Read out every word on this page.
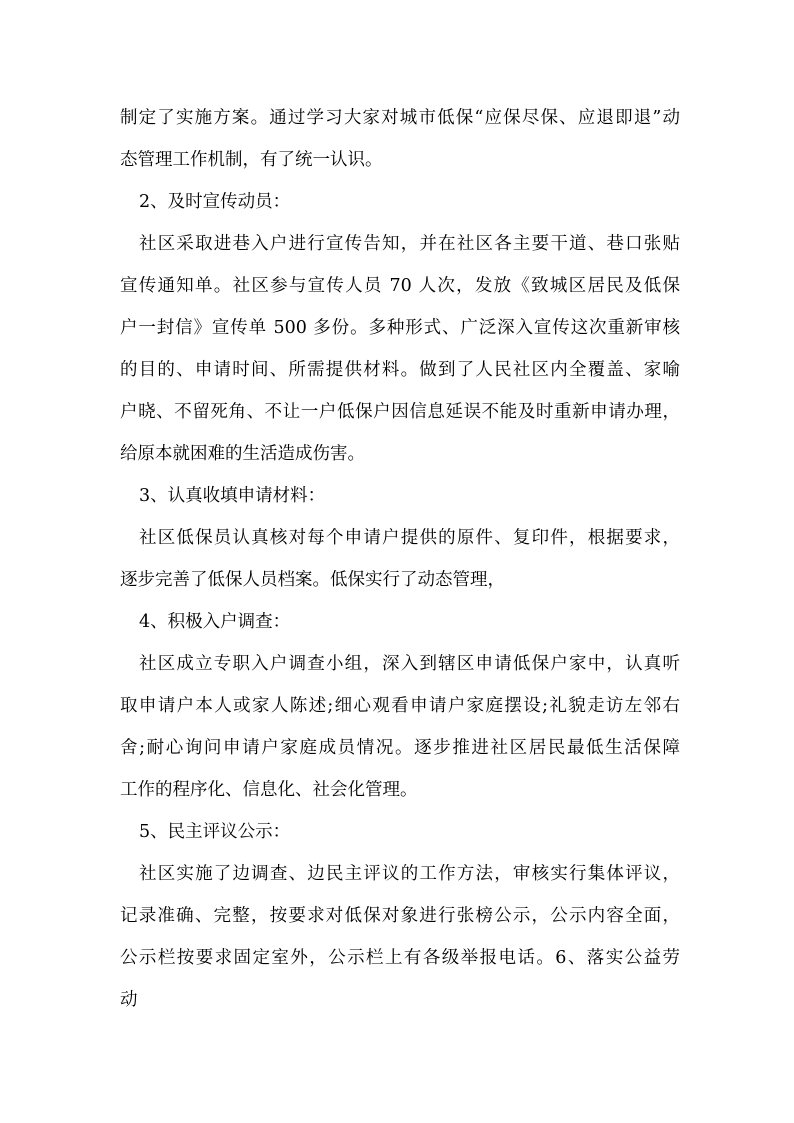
制定了实施方案。通过学习大家对城市低保“应保尽保、应退即退”动
态管理工作机制，有了统一认识。
2、及时宣传动员：
社区采取进巷入户进行宣传告知，并在社区各主要干道、巷口张贴
宣传通知单。社区参与宣传人员 70 人次，发放《致城区居民及低保
户一封信》宣传单 500 多份。多种形式、广泛深入宣传这次重新审核
的目的、申请时间、所需提供材料。做到了人民社区内全覆盖、家喻
户晓、不留死角、不让一户低保户因信息延误不能及时重新申请办理，
给原本就困难的生活造成伤害。
3、认真收填申请材料：
社区低保员认真核对每个申请户提供的原件、复印件，根据要求，
逐步完善了低保人员档案。低保实行了动态管理，
4、积极入户调查：
社区成立专职入户调查小组，深入到辖区申请低保户家中，认真听
取申请户本人或家人陈述;细心观看申请户家庭摆设;礼貌走访左邻右
舍;耐心询问申请户家庭成员情况。逐步推进社区居民最低生活保障
工作的程序化、信息化、社会化管理。
5、民主评议公示：
社区实施了边调查、边民主评议的工作方法，审核实行集体评议，
记录准确、完整，按要求对低保对象进行张榜公示，公示内容全面，
公示栏按要求固定室外，公示栏上有各级举报电话。6、落实公益劳
动
